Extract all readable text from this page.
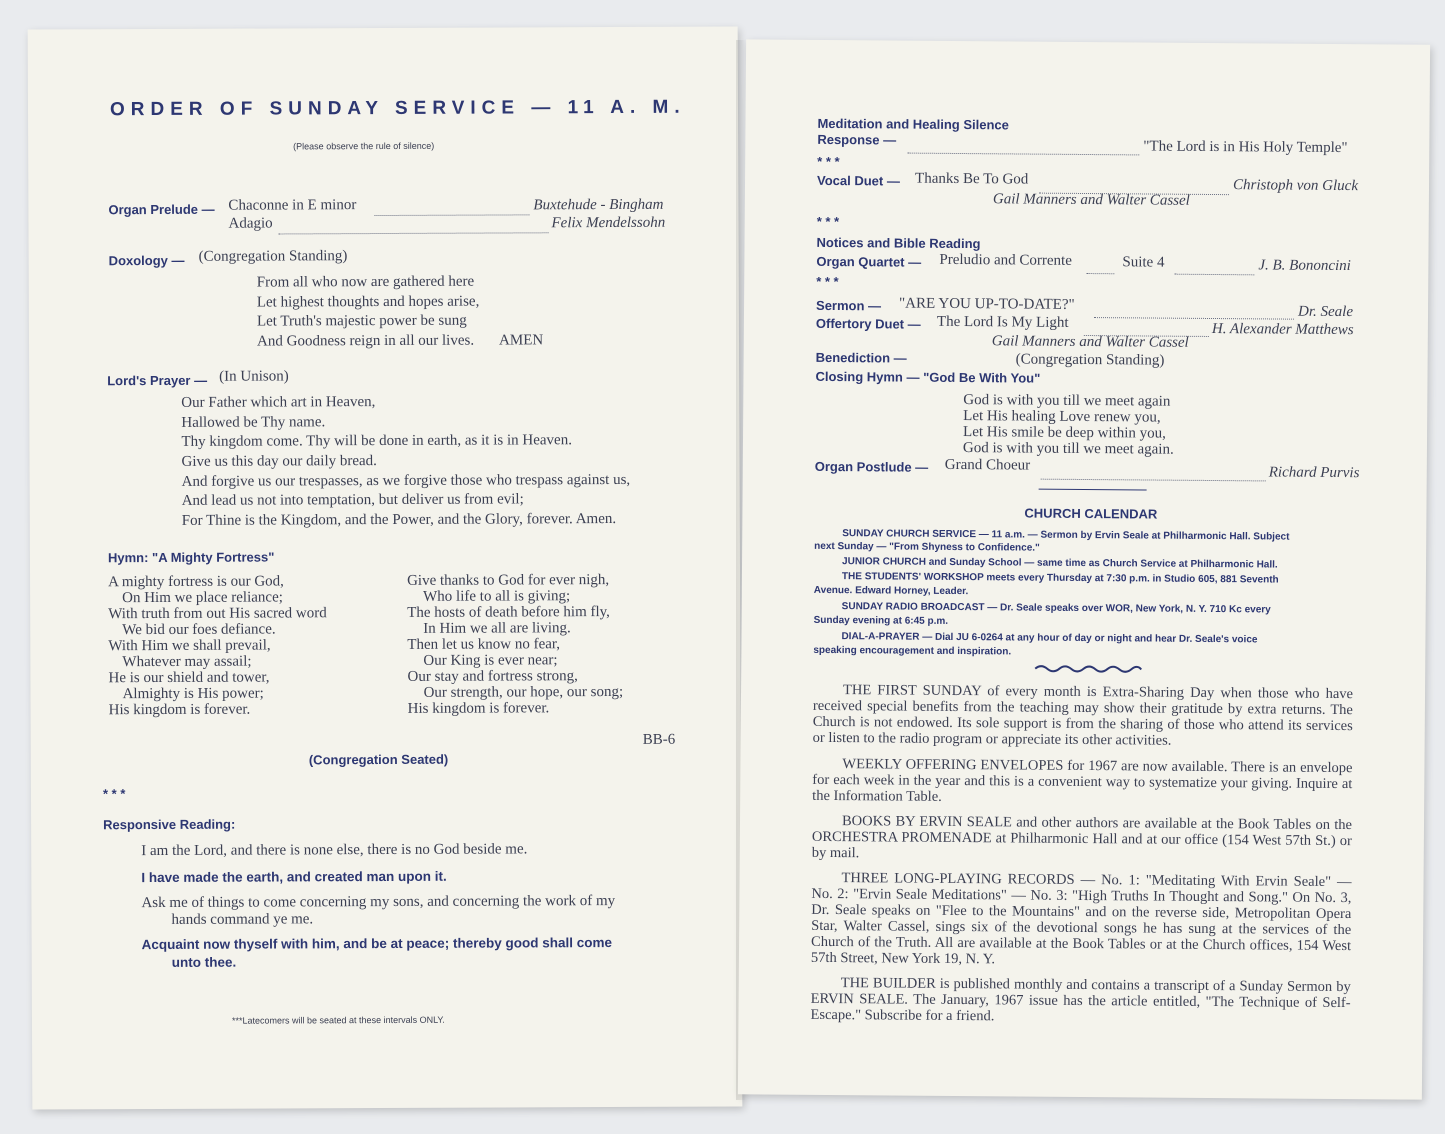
ORDER OF SUNDAY SERVICE — 11 A. M.
(Please observe the rule of silence)
Organ Prelude — Chaconne in E minor	Buxtehude - Bingham
Adagio	Felix Mendelssohn
Doxology — (Congregation Standing)
From all who now are gathered here
Let highest thoughts and hopes arise,
Let Truth's majestic power be sung
And Goodness reign in all our lives. AMEN
Lord's Prayer — (In Unison)
Our Father which art in Heaven,
Hallowed be Thy name.
Thy kingdom come. Thy will be done in earth, as it is in Heaven.
Give us this day our daily bread.
And forgive us our trespasses, as we forgive those who trespass against us,
And lead us not into temptation, but deliver us from evil;
For Thine is the Kingdom, and the Power, and the Glory, forever. Amen.
Hymn: "A Mighty Fortress"
A mighty fortress is our God,
On Him we place reliance;
With truth from out His sacred word
We bid our foes defiance.
With Him we shall prevail,
Whatever may assail;
He is our shield and tower,
Almighty is His power;
His kingdom is forever.
Give thanks to God for ever nigh,
Who life to all is giving;
The hosts of death before him fly,
In Him we all are living.
Then let us know no fear,
Our King is ever near;
Our stay and fortress strong,
Our strength, our hope, our song;
His kingdom is forever.
BB-6
(Congregation Seated)
* * *
Responsive Reading:
I am the Lord, and there is none else, there is no God beside me.
I have made the earth, and created man upon it.
Ask me of things to come concerning my sons, and concerning the work of my
hands command ye me.
Acquaint now thyself with him, and be at peace; thereby good shall come
unto thee.
***Latecomers will be seated at these intervals ONLY.
Meditation and Healing Silence
Response —	"The Lord is in His Holy Temple"
* * *
Vocal Duet — Thanks Be To God	Christoph von Gluck
Gail Manners and Walter Cassel
* * *
Notices and Bible Reading
Organ Quartet — Preludio and Corrente	Suite 4	J. B. Bononcini
* * *
Sermon — "ARE YOU UP-TO-DATE?"	Dr. Seale
Offertory Duet — The Lord Is My Light	H. Alexander Matthews
Gail Manners and Walter Cassel
Benediction —	(Congregation Standing)
Closing Hymn — "God Be With You"
God is with you till we meet again
Let His healing Love renew you,
Let His smile be deep within you,
God is with you till we meet again.
Organ Postlude — Grand Choeur	Richard Purvis
CHURCH CALENDAR
SUNDAY CHURCH SERVICE — 11 a.m. — Sermon by Ervin Seale at Philharmonic Hall. Subject
next Sunday — "From Shyness to Confidence."
JUNIOR CHURCH and Sunday School — same time as Church Service at Philharmonic Hall.
THE STUDENTS' WORKSHOP meets every Thursday at 7:30 p.m. in Studio 605, 881 Seventh
Avenue. Edward Horney, Leader.
SUNDAY RADIO BROADCAST — Dr. Seale speaks over WOR, New York, N. Y. 710 Kc every
Sunday evening at 6:45 p.m.
DIAL-A-PRAYER — Dial JU 6-0264 at any hour of day or night and hear Dr. Seale's voice
speaking encouragement and inspiration.
THE FIRST SUNDAY of every month is Extra-Sharing Day when those who have received special benefits from the teaching may show their gratitude by extra returns. The Church is not endowed. Its sole support is from the sharing of those who attend its services or listen to the radio program or appreciate its other activities.
WEEKLY OFFERING ENVELOPES for 1967 are now available. There is an envelope for each week in the year and this is a convenient way to systematize your giving. Inquire at the Information Table.
BOOKS BY ERVIN SEALE and other authors are available at the Book Tables on the ORCHESTRA PROMENADE at Philharmonic Hall and at our office (154 West 57th St.) or by mail.
THREE LONG-PLAYING RECORDS — No. 1: "Meditating With Ervin Seale" — No. 2: "Ervin Seale Meditations" — No. 3: "High Truths In Thought and Song." On No. 3, Dr. Seale speaks on "Flee to the Mountains" and on the reverse side, Metropolitan Opera Star, Walter Cassel, sings six of the devotional songs he has sung at the services of the Church of the Truth. All are available at the Book Tables or at the Church offices, 154 West 57th Street, New York 19, N. Y.
THE BUILDER is published monthly and contains a transcript of a Sunday Sermon by ERVIN SEALE. The January, 1967 issue has the article entitled, "The Technique of Self-Escape." Subscribe for a friend.
